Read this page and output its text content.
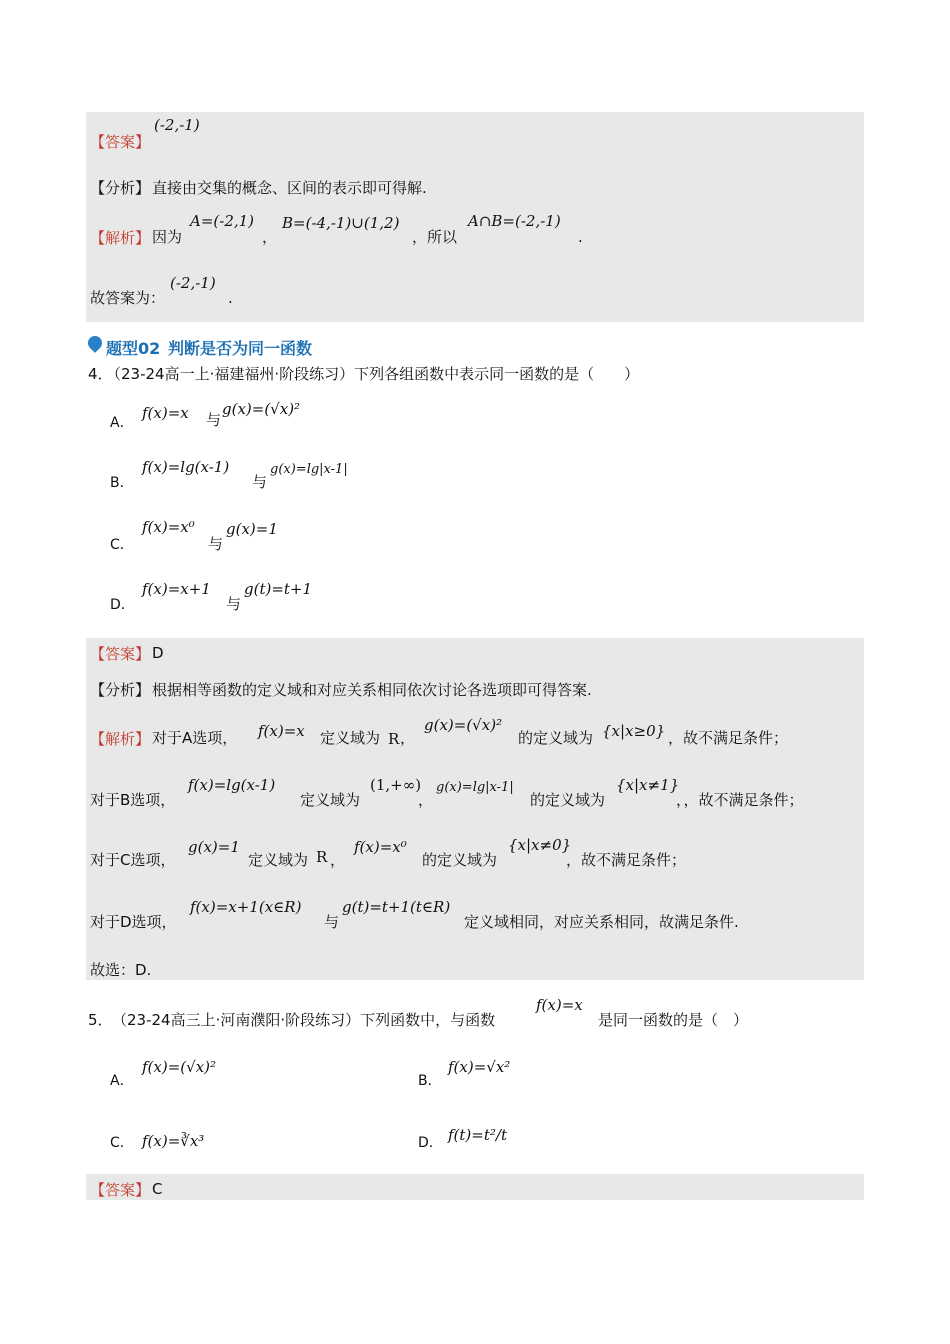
【答案】
(-2,-1)
【分析】 直接由交集的概念、区间的表示即可得解.
【解析】 因为
A=(-2,1)
，
B=(-4,-1)∪(1,2)
，所以
A∩B=(-2,-1)
.
故答案为：
(-2,-1)
.
题型02 判断是否为同一函数
4．
（23-24高一上·福建福州·阶段练习）下列各组函数中表示同一函数的是（　　）
A．
f(x)=x 与
g(x)=(√x)²
B．
f(x)=lg(x-1)
与
g(x)=lg|x-1|
C．
f(x)=x⁰
与
g(x)=1
D．
f(x)=x+1
与
g(t)=t+1
【答案】 D
【分析】 根据相等函数的定义域和对应关系相同依次讨论各选项即可得答案.
【解析】 对于A选项， f(x)=x 定义域为 R ，
g(x)=(√x)²
的定义域为 {x|x≥0} ，故不满足条件；
对于B选项，
f(x)=lg(x-1)
定义域为
(1,+∞)
，
g(x)=lg|x-1|
的定义域为
{x|x≠1}
，，故不满足条件；
对于C选项，
g(x)=1
定义域为 R ，
f(x)=x⁰
的定义域为
{x|x≠0}
，故不满足条件；
对于D选项，
f(x)=x+1(x∈R)
与
g(t)=t+1(t∈R)
定义域相同，对应关系相同，故满足条件.
故选：D.
5． （23-24高三上·河南濮阳·阶段练习）下列函数中，与函数
f(x)=x
是同一函数的是（　）
A．
f(x)=(√x)²
B．
f(x)=√x²
C． f(x)=∛x³	D． f(t)=t²/t
【答案】 C
